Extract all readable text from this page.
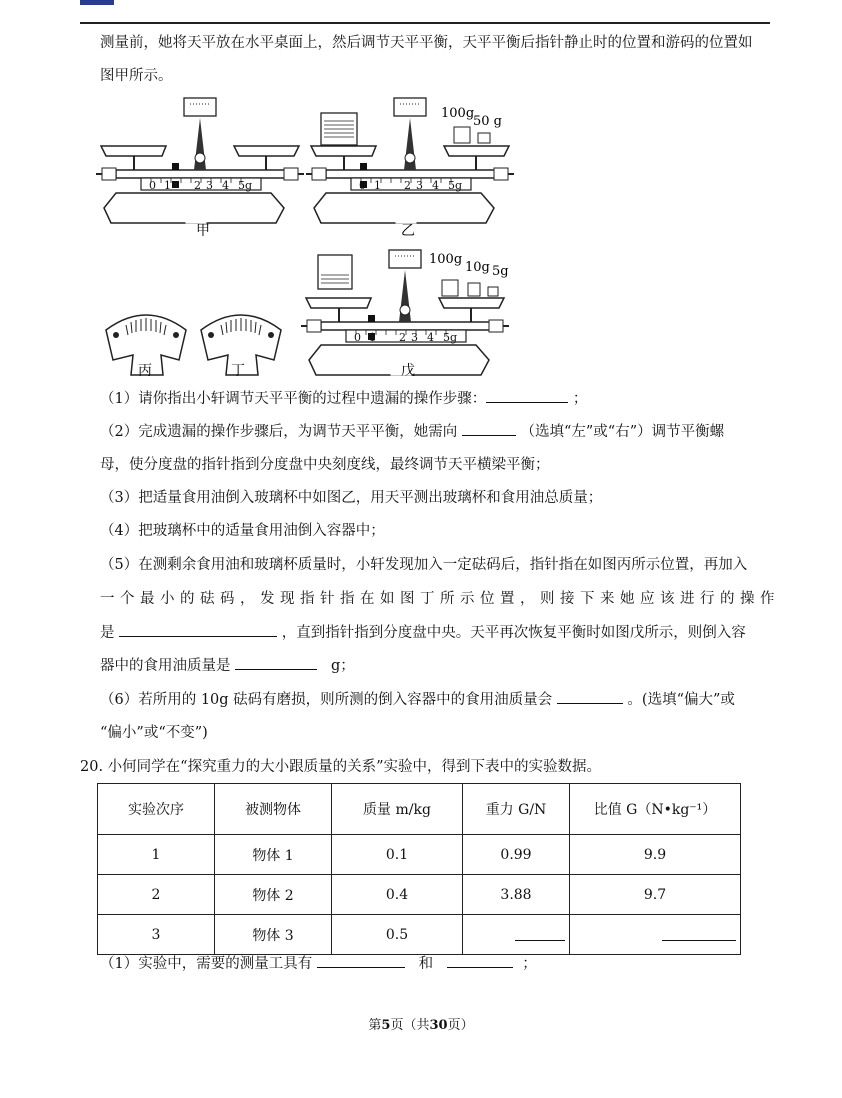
测量前，她将天平放在水平桌面上，然后调节天平平衡，天平平衡后指针静止时的位置和游码的位置如
图甲所示。
甲
100g
50 g
乙
丙	丁
100g
10g 5g
戊
（1）请你指出小轩调节天平平衡的过程中遗漏的操作步骤：	；
（2）完成遗漏的操作步骤后，为调节天平平衡，她需向	（选填“左”或“右”）调节平衡螺
母，使分度盘的指针指到分度盘中央刻度线，最终调节天平横梁平衡；
（3）把适量食用油倒入玻璃杯中如图乙，用天平测出玻璃杯和食用油总质量；
（4）把玻璃杯中的适量食用油倒入容器中；
（5）在测剩余食用油和玻璃杯质量时，小轩发现加入一定砝码后，指针指在如图丙所示位置，再加入
一个最小的砝码，发现指针指在如图丁所示位置，则接下来她应该进行的操作
是	，直到指针指到分度盘中央。天平再次恢复平衡时如图戊所示，则倒入容
器中的食用油质量是	g；
（6）若所用的 10g 砝码有磨损，则所测的倒入容器中的食用油质量会	。(选填“偏大”或
“偏小”或“不变”)
20. 小何同学在“探究重力的大小跟质量的关系”实验中，得到下表中的实验数据。
实验次序	被测物体	质量 m/kg	重力 G/N	比值 G（N•kg⁻¹）
1	物体 1	0.1	0.99	9.9
2	物体 2	0.4	3.88	9.7
3	物体 3	0.5		
（1）实验中，需要的测量工具有	和	；
第5页（共30页）
